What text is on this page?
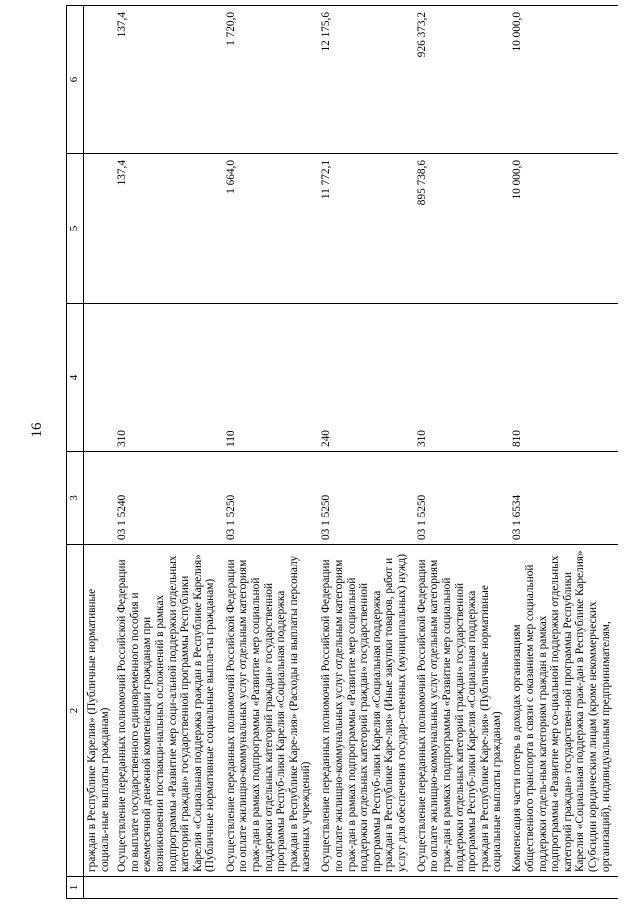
16
1	2	3	4	5	6
	граждан в Республике Карелия» (Публичные нормативные социаль-ные выплаты гражданам)				
	Осуществление переданных полномочий Российской Федерации по выплате государственного единовременного пособия и ежемесячной денежной компенсации гражданам при возникновении поствакци-нальных осложнений в рамках подпрограммы «Развитие мер соци-альной поддержки отдельных категорий граждан» государственной программы Республики Карелия «Социальная поддержка граждан в Республике Карелия» (Публичные нормативные социальные выпла-ты гражданам)	03 1 5240	310	137,4	137,4
	Осуществление переданных полномочий Российской Федерации по оплате жилищно-коммунальных услуг отдельным категориям граж-дан в рамках подпрограммы «Развитие мер социальной поддержки отдельных категорий граждан» государственной программы Респуб-лики Карелия «Социальная поддержка граждан в Республике Каре-лия» (Расходы на выплаты персоналу казенных учреждений)	03 1 5250	110	1 664,0	1 720,0
	Осуществление переданных полномочий Российской Федерации по оплате жилищно-коммунальных услуг отдельным категориям граж-дан в рамках подпрограммы «Развитие мер социальной поддержки отдельных категорий граждан» государственной программы Респуб-лики Карелия «Социальная поддержка граждан в Республике Каре-лия» (Иные закупки товаров, работ и услуг для обеспечения государ-ственных (муниципальных) нужд)	03 1 5250	240	11 772,1	12 175,6
	Осуществление переданных полномочий Российской Федерации по оплате жилищно-коммунальных услуг отдельным категориям граж-дан в рамках подпрограммы «Развитие мер социальной поддержки отдельных категорий граждан» государственной программы Респуб-лики Карелия «Социальная поддержка граждан в Республике Каре-лия» (Публичные нормативные социальные выплаты гражданам)	03 1 5250	310	895 738,6	926 373,2
	Компенсация части потерь в доходах организациям общественного транспорта в связи с оказанием мер социальной поддержки отдель-ным категориям граждан в рамках подпрограммы «Развитие мер со-циальной поддержки отдельных категорий граждан» государствен-ной программы Республики Карелия «Социальная поддержка граж-дан в Республике Карелия» (Субсидии юридическим лицам (кроме некоммерческих организаций), индивидуальным предпринимателям,	03 1 6534	810	10 000,0	10 000,0
